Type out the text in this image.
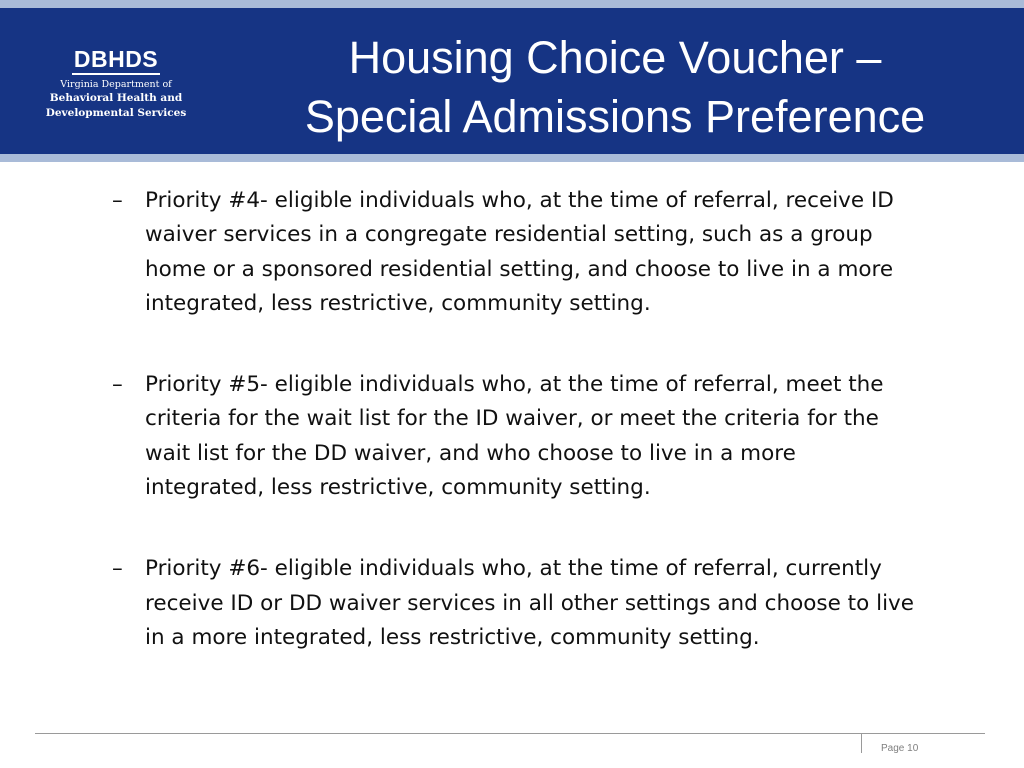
DBHDS
Virginia Department of
Behavioral Health and
Developmental Services
Housing Choice Voucher –
Special Admissions Preference
– Priority #4- eligible individuals who, at the time of referral, receive ID
waiver services in a congregate residential setting, such as a group
home or a sponsored residential setting, and choose to live in a more
integrated, less restrictive, community setting.
– Priority #5- eligible individuals who, at the time of referral, meet the
criteria for the wait list for the ID waiver, or meet the criteria for the
wait list for the DD waiver, and who choose to live in a more
integrated, less restrictive, community setting.
– Priority #6- eligible individuals who, at the time of referral, currently
receive ID or DD waiver services in all other settings and choose to live
in a more integrated, less restrictive, community setting.
Page 10
